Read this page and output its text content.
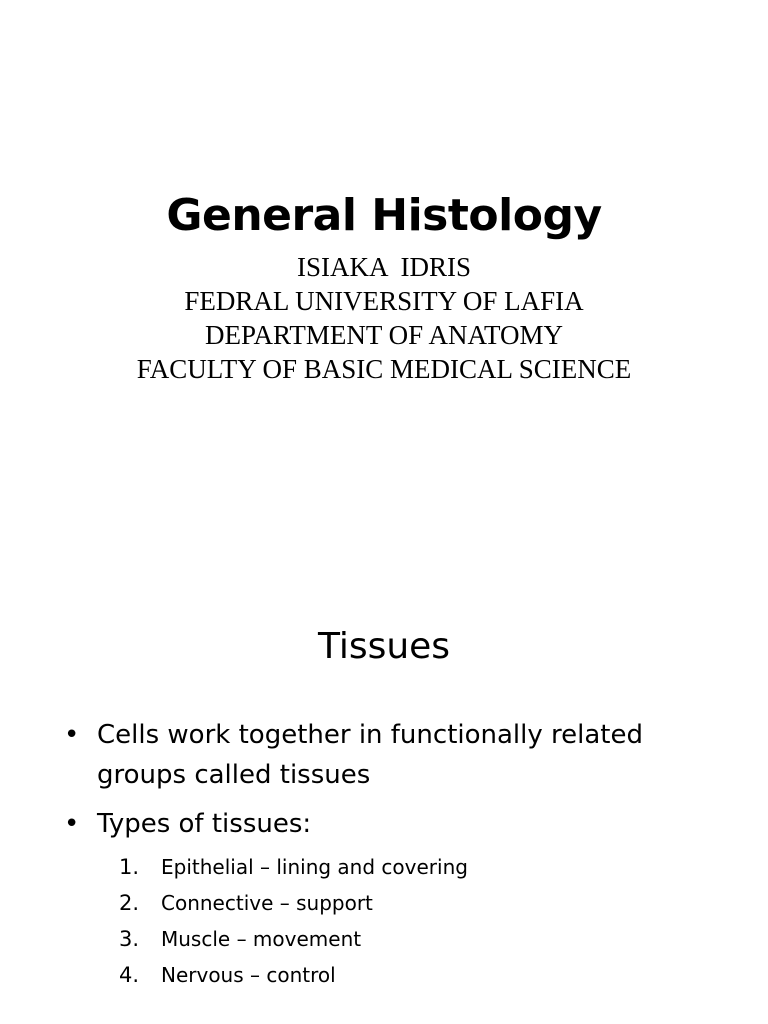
General Histology
ISIAKA  IDRIS
FEDRAL UNIVERSITY OF LAFIA
DEPARTMENT OF ANATOMY
FACULTY OF BASIC MEDICAL SCIENCE
Tissues
• Cells work together in functionally related groups called tissues
• Types of tissues:
1. Epithelial – lining and covering
2. Connective – support
3. Muscle – movement
4. Nervous – control
